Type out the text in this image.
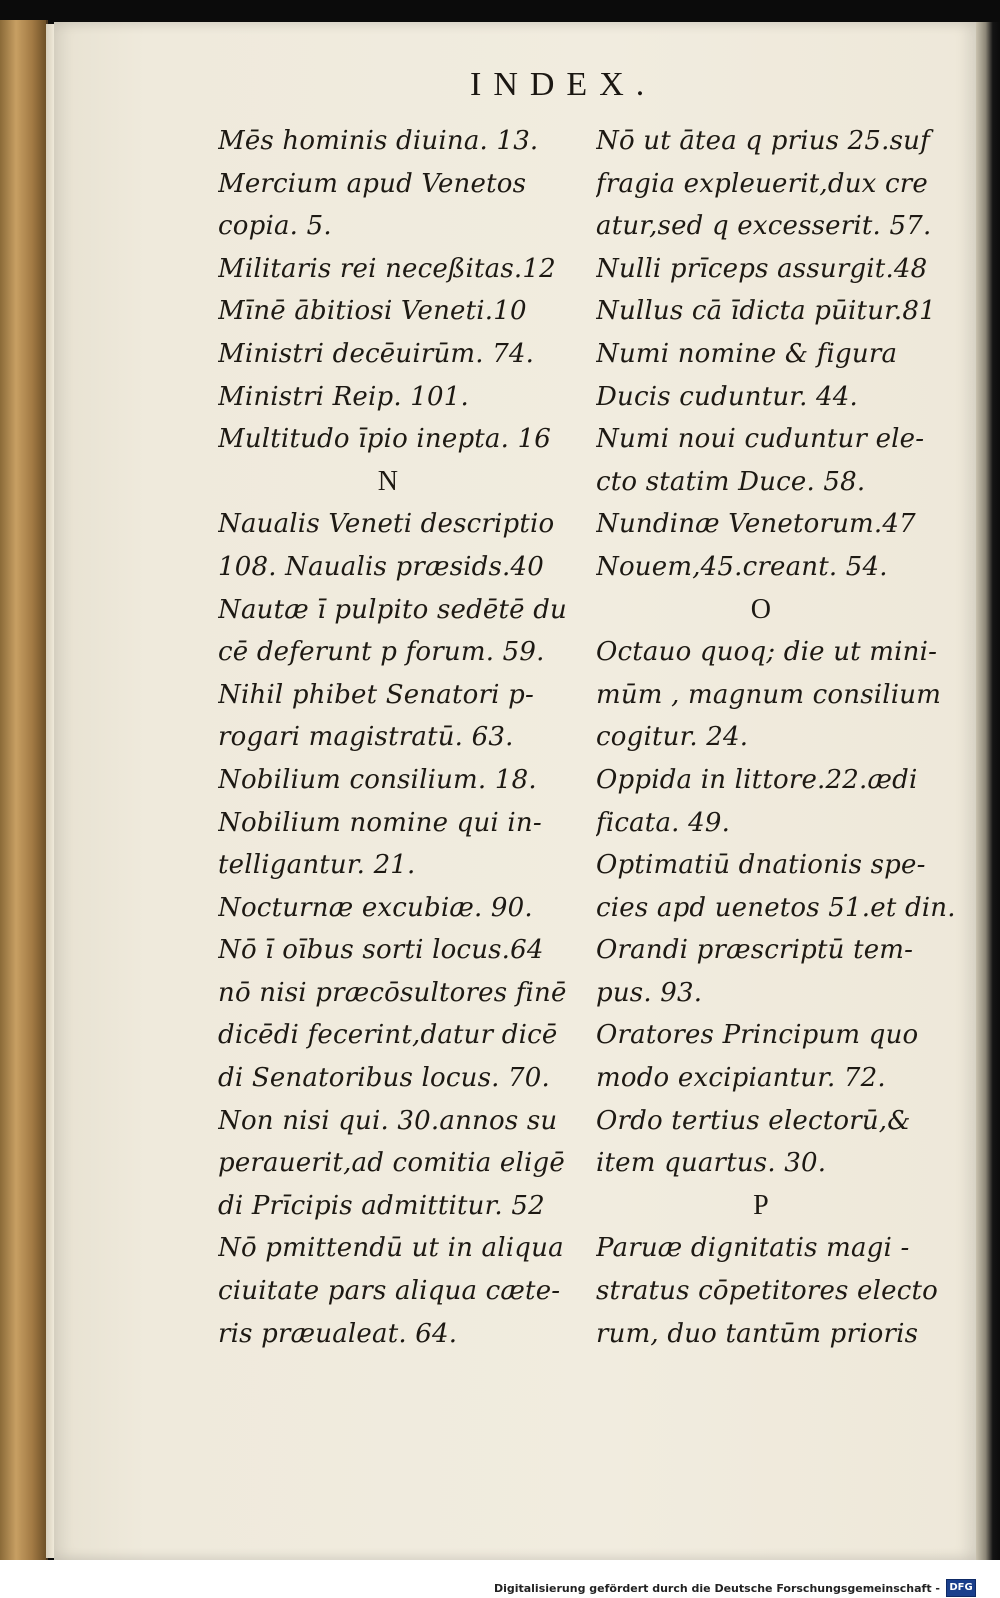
INDEX.
Mēs hominis diuina. 13.
Mercium apud Venetos
copia. 5.
Militaris rei neceßitas.12
Mīnē ābitiosi Veneti.10
Ministri decēuirūm. 74.
Ministri Reip. 101.
Multitudo īpio inepta. 16
N
Naualis Veneti descriptio
108. Naualis præsids.40
Nautæ ī pulpito sedētē du
cē deferunt p forum. 59.
Nihil phibet Senatori p-
rogari magistratū. 63.
Nobilium consilium. 18.
Nobilium nomine qui in-
telligantur. 21.
Nocturnæ excubiæ. 90.
Nō ī oībus sorti locus.64
nō nisi præcōsultores finē
dicēdi fecerint,datur dicē
di Senatoribus locus. 70.
Non nisi qui. 30.annos su
perauerit,ad comitia eligē
di Prīcipis admittitur. 52
Nō pmittendū ut in aliqua
ciuitate pars aliqua cæte-
ris præualeat. 64.
Nō ut ātea q prius 25.suf
fragia expleuerit,dux cre
atur,sed q excesserit. 57.
Nulli prīceps assurgit.48
Nullus cā īdicta pūitur.81
Numi nomine & figura
Ducis cuduntur. 44.
Numi noui cuduntur ele-
cto statim Duce. 58.
Nundinæ Venetorum.47
Nouem,45.creant. 54.
O
Octauo quoq; die ut mini-
mūm , magnum consilium
cogitur. 24.
Oppida in littore.22.ædi
ficata. 49.
Optimatiū dnationis spe-
cies apd uenetos 51.et din.
Orandi præscriptū tem-
pus. 93.
Oratores Principum quo
modo excipiantur. 72.
Ordo tertius electorū,&
item quartus. 30.
P
Paruæ dignitatis magi -
stratus cōpetitores electo
rum, duo tantūm prioris
Digitalisierung gefördert durch die Deutsche Forschungsgemeinschaft - DFG
